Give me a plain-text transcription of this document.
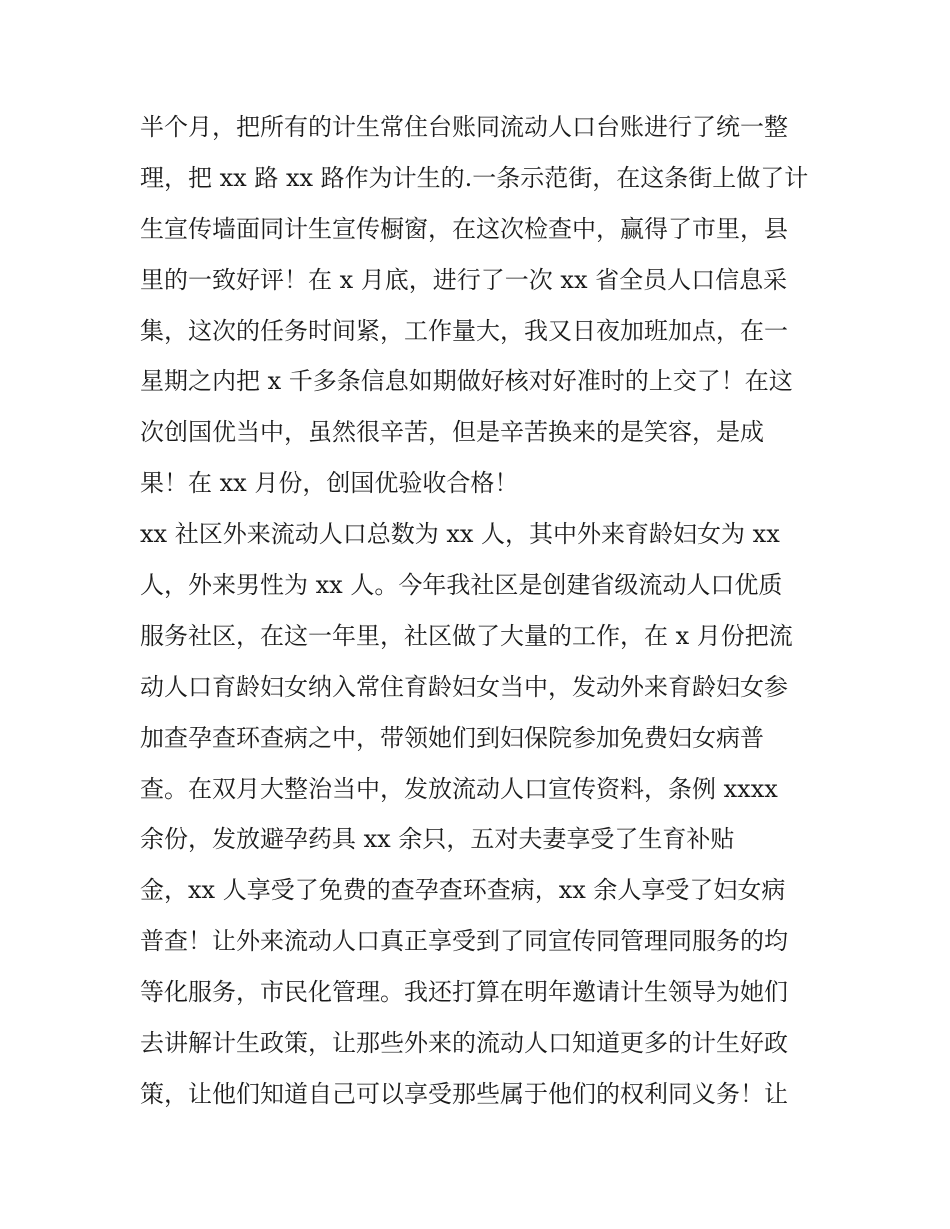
半个月，把所有的计生常住台账同流动人口台账进行了统一整
理，把 xx 路 xx 路作为计生的.一条示范街，在这条街上做了计
生宣传墙面同计生宣传橱窗，在这次检查中，赢得了市里，县
里的一致好评！在 x 月底，进行了一次 xx 省全员人口信息采
集，这次的任务时间紧，工作量大，我又日夜加班加点，在一
星期之内把 x 千多条信息如期做好核对好准时的上交了！在这
次创国优当中，虽然很辛苦，但是辛苦换来的是笑容，是成
果！在 xx 月份，创国优验收合格！
xx 社区外来流动人口总数为 xx 人，其中外来育龄妇女为 xx
人，外来男性为 xx 人。今年我社区是创建省级流动人口优质
服务社区，在这一年里，社区做了大量的工作，在 x 月份把流
动人口育龄妇女纳入常住育龄妇女当中，发动外来育龄妇女参
加查孕查环查病之中，带领她们到妇保院参加免费妇女病普
查。在双月大整治当中，发放流动人口宣传资料，条例 xxxx
余份，发放避孕药具 xx 余只，五对夫妻享受了生育补贴
金，xx 人享受了免费的查孕查环查病，xx 余人享受了妇女病
普查！让外来流动人口真正享受到了同宣传同管理同服务的均
等化服务，市民化管理。我还打算在明年邀请计生领导为她们
去讲解计生政策，让那些外来的流动人口知道更多的计生好政
策，让他们知道自己可以享受那些属于他们的权利同义务！让
